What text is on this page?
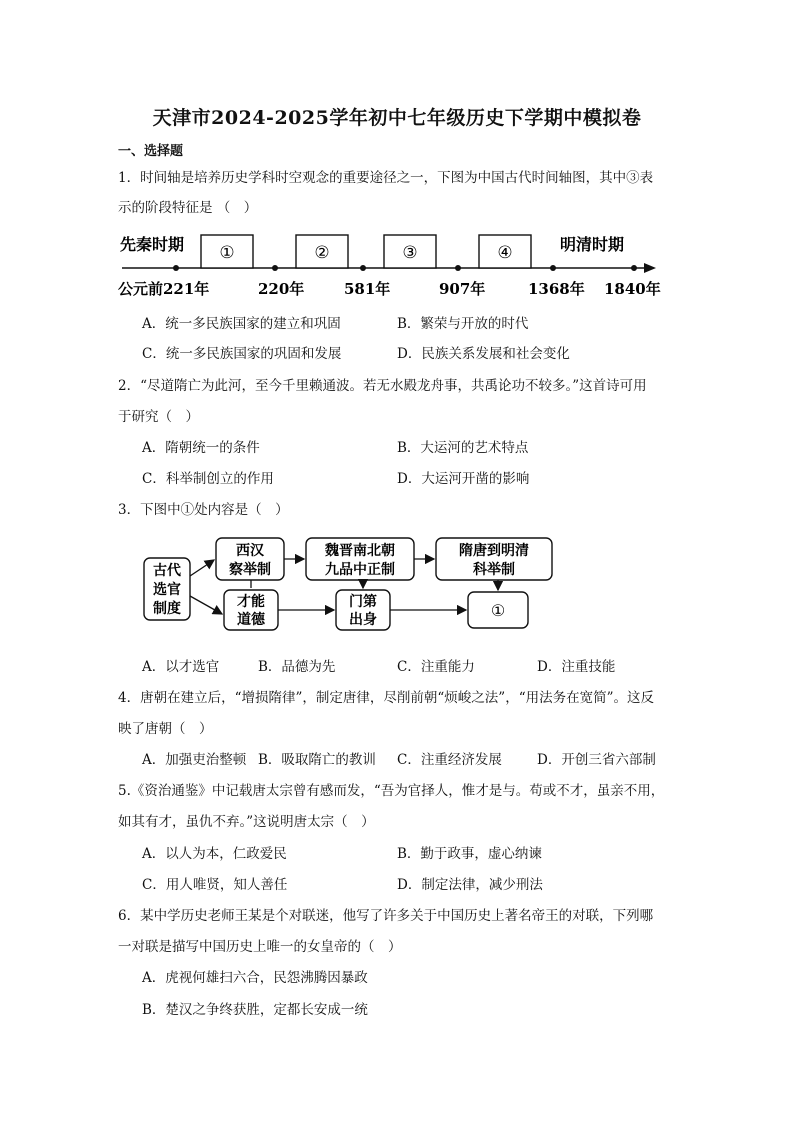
天津市2024-2025学年初中七年级历史下学期中模拟卷
一、选择题
1．时间轴是培养历史学科时空观念的重要途径之一，下图为中国古代时间轴图，其中③表
示的阶段特征是 （　）
先秦时期	明清时期
①	②	③	④
公元前221年	220年	581年	907年	1368年 1840年
A．统一多民族国家的建立和巩固	B．繁荣与开放的时代
C．统一多民族国家的巩固和发展	D．民族关系发展和社会变化
2．“尽道隋亡为此河，至今千里赖通波。若无水殿龙舟事，共禹论功不较多。”这首诗可用
于研究（　）
A．隋朝统一的条件	B．大运河的艺术特点
C．科举制创立的作用	D．大运河开凿的影响
3．下图中①处内容是（　）
古代
选官
制度
西汉
察举制
魏晋南北朝
九品中正制
隋唐到明清
科举制
才能
道德
门第
出身	①
A．以才选官	B．品德为先	C．注重能力	D．注重技能
4．唐朝在建立后，“增损隋律”，制定唐律，尽削前朝“烦峻之法”，“用法务在宽简”。这反
映了唐朝（　）
A．加强吏治整顿 B．吸取隋亡的教训 C．注重经济发展	D．开创三省六部制
5.《资治通鉴》中记载唐太宗曾有感而发，“吾为官择人，惟才是与。苟或不才，虽亲不用，
如其有才，虽仇不弃。”这说明唐太宗（　）
A．以人为本，仁政爱民	B．勤于政事，虚心纳谏
C．用人唯贤，知人善任	D．制定法律，减少刑法
6．某中学历史老师王某是个对联迷，他写了许多关于中国历史上著名帝王的对联，下列哪
一对联是描写中国历史上唯一的女皇帝的（　）
A．虎视何雄扫六合，民怨沸腾因暴政
B．楚汉之争终获胜，定都长安成一统
